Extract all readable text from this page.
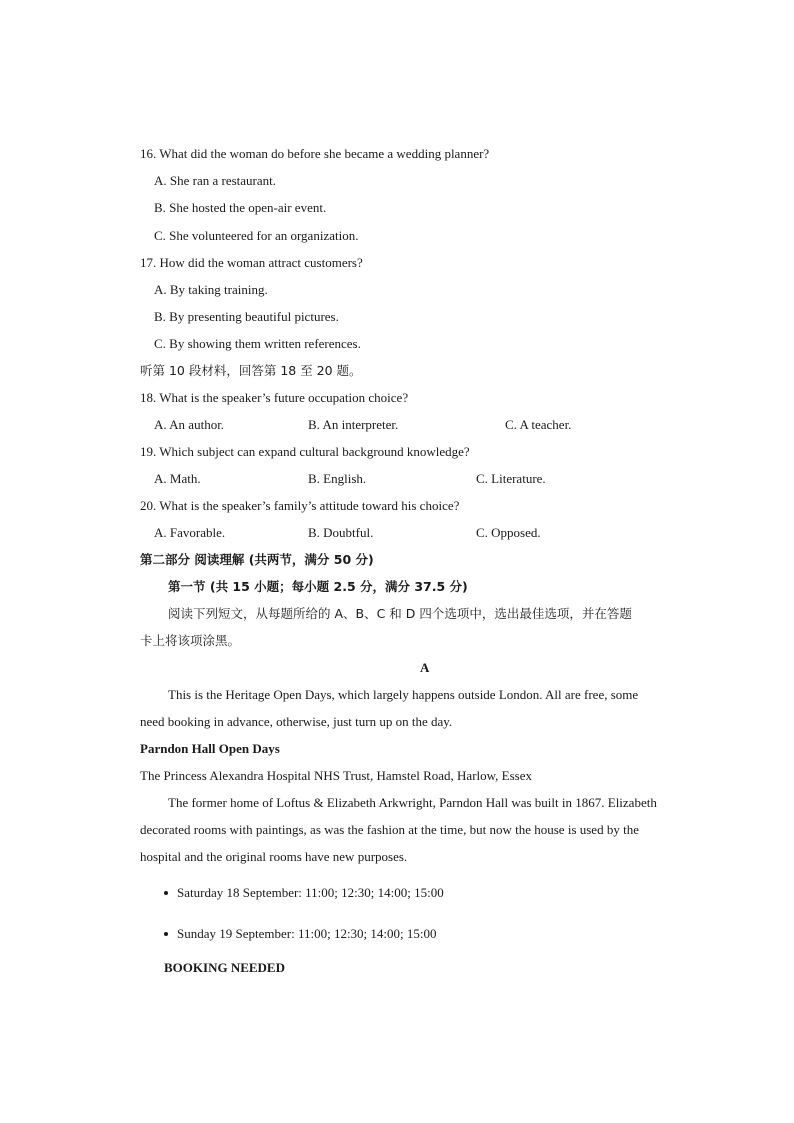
16. What did the woman do before she became a wedding planner?
A. She ran a restaurant.
B. She hosted the open-air event.
C. She volunteered for an organization.
17. How did the woman attract customers?
A. By taking training.
B. By presenting beautiful pictures.
C. By showing them written references.
听第 10 段材料，回答第 18 至 20 题。
18. What is the speaker’s future occupation choice?
A. An author.	B. An interpreter.	C. A teacher.
19. Which subject can expand cultural background knowledge?
A. Math.	B. English.	C. Literature.
20. What is the speaker’s family’s attitude toward his choice?
A. Favorable.	B. Doubtful.	C. Opposed.
第二部分 阅读理解 (共两节，满分 50 分)
第一节 (共 15 小题；每小题 2.5 分，满分 37.5 分)
阅读下列短文，从每题所给的 A、B、C 和 D 四个选项中，选出最佳选项，并在答题
卡上将该项涂黑。
A
This is the Heritage Open Days, which largely happens outside London. All are free, some
need booking in advance, otherwise, just turn up on the day.
Parndon Hall Open Days
The Princess Alexandra Hospital NHS Trust, Hamstel Road, Harlow, Essex
The former home of Loftus & Elizabeth Arkwright, Parndon Hall was built in 1867. Elizabeth
decorated rooms with paintings, as was the fashion at the time, but now the house is used by the
hospital and the original rooms have new purposes.
Saturday 18 September: 11:00; 12:30; 14:00; 15:00
Sunday 19 September: 11:00; 12:30; 14:00; 15:00
BOOKING NEEDED
